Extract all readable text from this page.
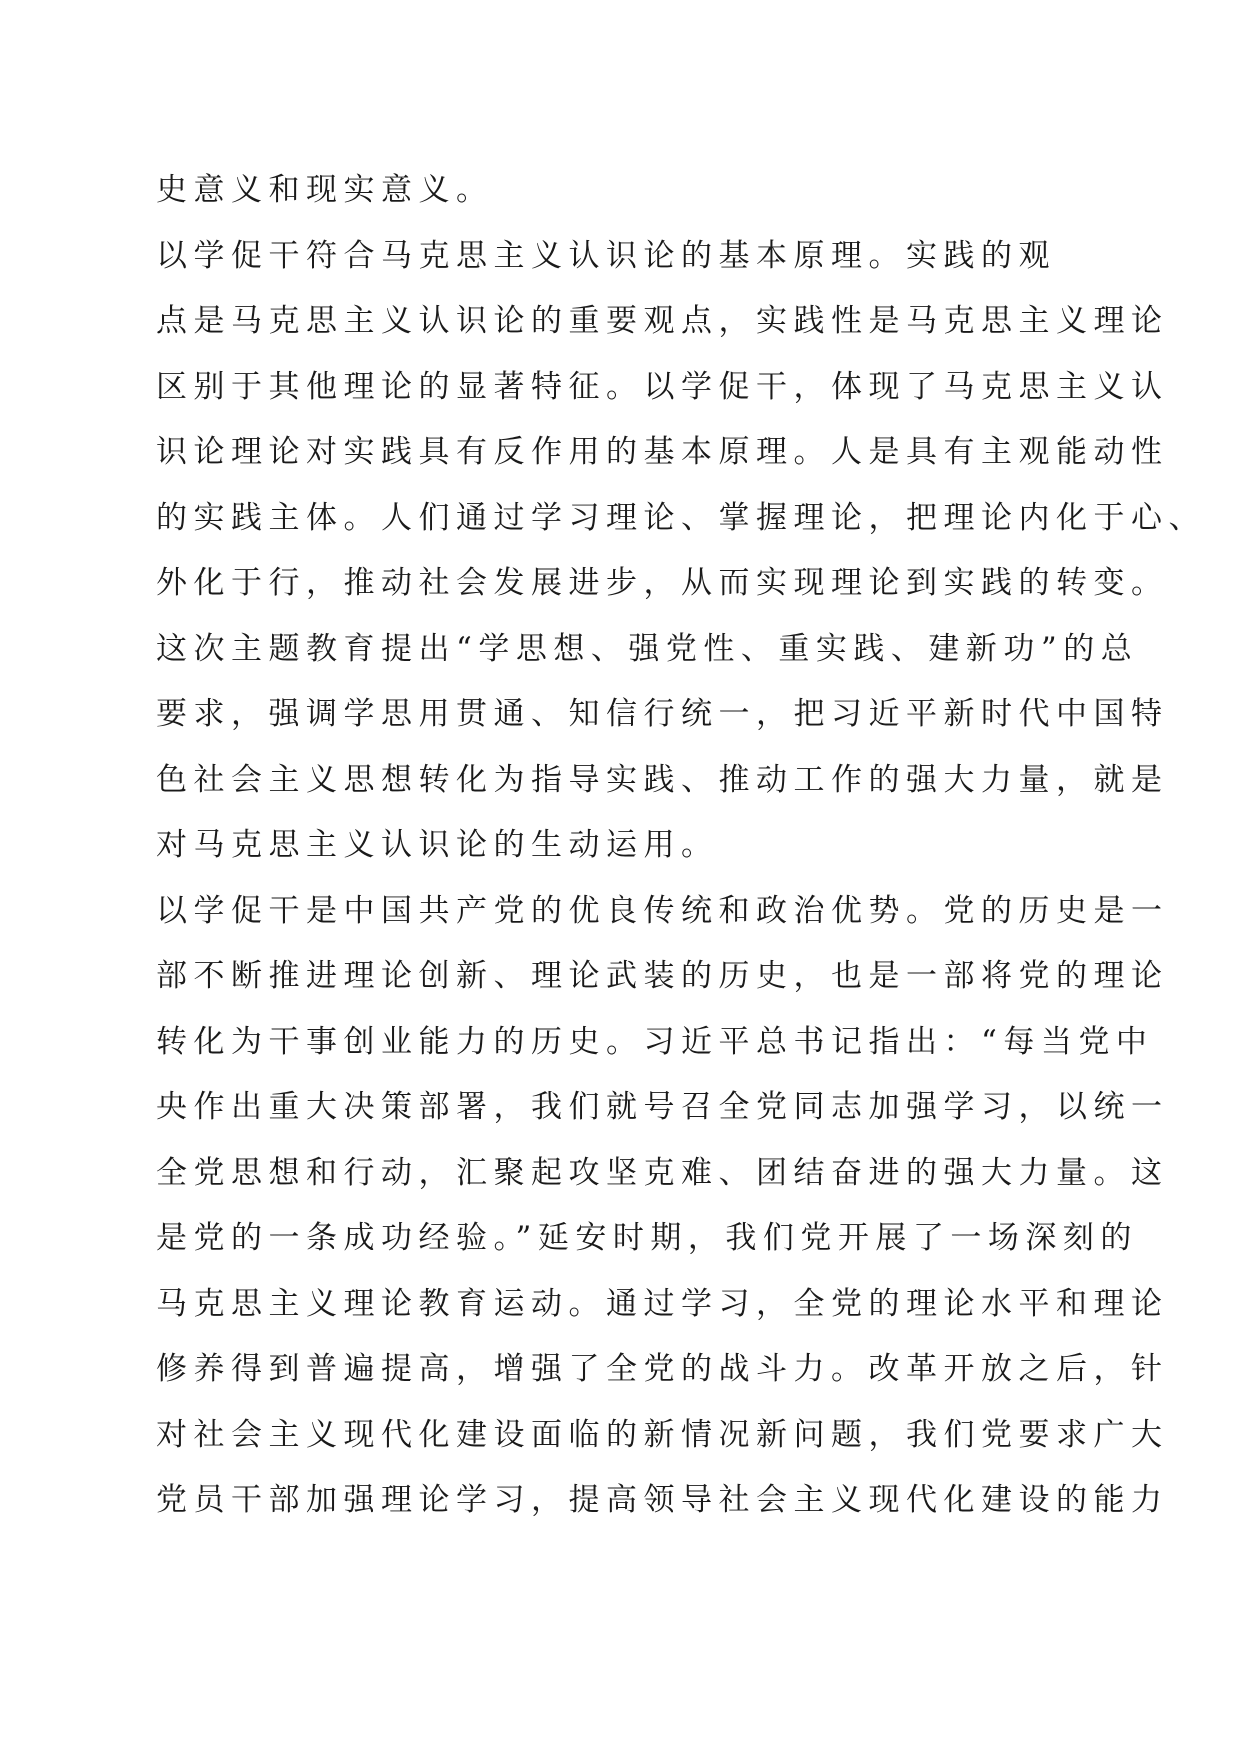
史意义和现实意义。
以学促干符合马克思主义认识论的基本原理。实践的观
点是马克思主义认识论的重要观点，实践性是马克思主义理论
区别于其他理论的显著特征。以学促干，体现了马克思主义认
识论理论对实践具有反作用的基本原理。人是具有主观能动性
的实践主体。人们通过学习理论、掌握理论，把理论内化于心、
外化于行，推动社会发展进步，从而实现理论到实践的转变。
这次主题教育提出“学思想、强党性、重实践、建新功”的总
要求，强调学思用贯通、知信行统一，把习近平新时代中国特
色社会主义思想转化为指导实践、推动工作的强大力量，就是
对马克思主义认识论的生动运用。
以学促干是中国共产党的优良传统和政治优势。党的历史是一
部不断推进理论创新、理论武装的历史，也是一部将党的理论
转化为干事创业能力的历史。习近平总书记指出：“每当党中
央作出重大决策部署，我们就号召全党同志加强学习，以统一
全党思想和行动，汇聚起攻坚克难、团结奋进的强大力量。这
是党的一条成功经验。”延安时期，我们党开展了一场深刻的
马克思主义理论教育运动。通过学习，全党的理论水平和理论
修养得到普遍提高，增强了全党的战斗力。改革开放之后，针
对社会主义现代化建设面临的新情况新问题，我们党要求广大
党员干部加强理论学习，提高领导社会主义现代化建设的能力
